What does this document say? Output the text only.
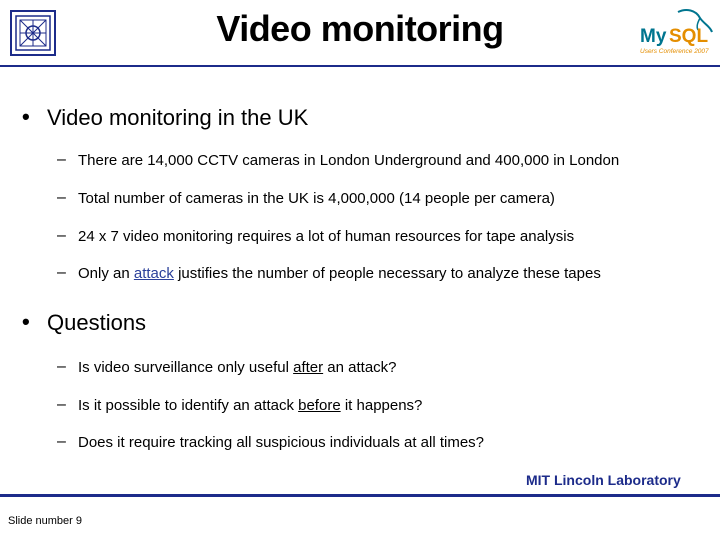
Video monitoring	My SQL
Users Conference 2007
• Video monitoring in the UK
– There are 14,000 CCTV cameras in London Underground and 400,000 in London
– Total number of cameras in the UK is 4,000,000 (14 people per camera)
– 24 x 7 video monitoring requires a lot of human resources for tape analysis
– Only an attack justifies the number of people necessary to analyze these tapes
• Questions
– Is video surveillance only useful after an attack?
– Is it possible to identify an attack before it happens?
– Does it require tracking all suspicious individuals at all times?
MIT Lincoln Laboratory
Slide number 9
